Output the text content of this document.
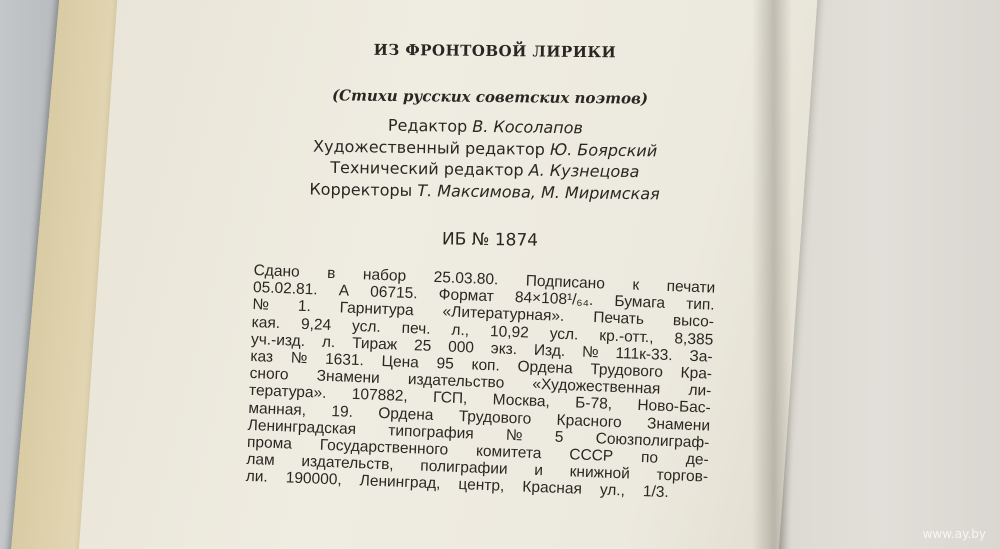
ИЗ ФРОНТОВОЙ ЛИРИКИ
(Стихи русских советских поэтов)
Редактор В. Косолапов
Художественный редактор Ю. Боярский
Технический редактор А. Кузнецова
Корректоры Т. Максимова, М. Миримская
ИБ № 1874
Сдано в набор 25.03.80. Подписано к печати
05.02.81. А 06715. Формат 84×108¹/₆₄. Бумага тип.
№ 1. Гарнитура «Литературная». Печать высо-
кая. 9,24 усл. печ. л., 10,92 усл. кр.-отт., 8,385
уч.-изд. л. Тираж 25 000 экз. Изд. № 111к-33. За-
каз № 1631. Цена 95 коп. Ордена Трудового Кра-
сного Знамени издательство «Художественная ли-
тература». 107882, ГСП, Москва, Б-78, Ново-Бас-
манная, 19. Ордена Трудового Красного Знамени
Ленинградская типография № 5 Союзполиграф-
прома Государственного комитета СССР по де-
лам издательств, полиграфии и книжной торгов-
ли. 190000, Ленинград, центр, Красная ул., 1/3.
www.ay.by
